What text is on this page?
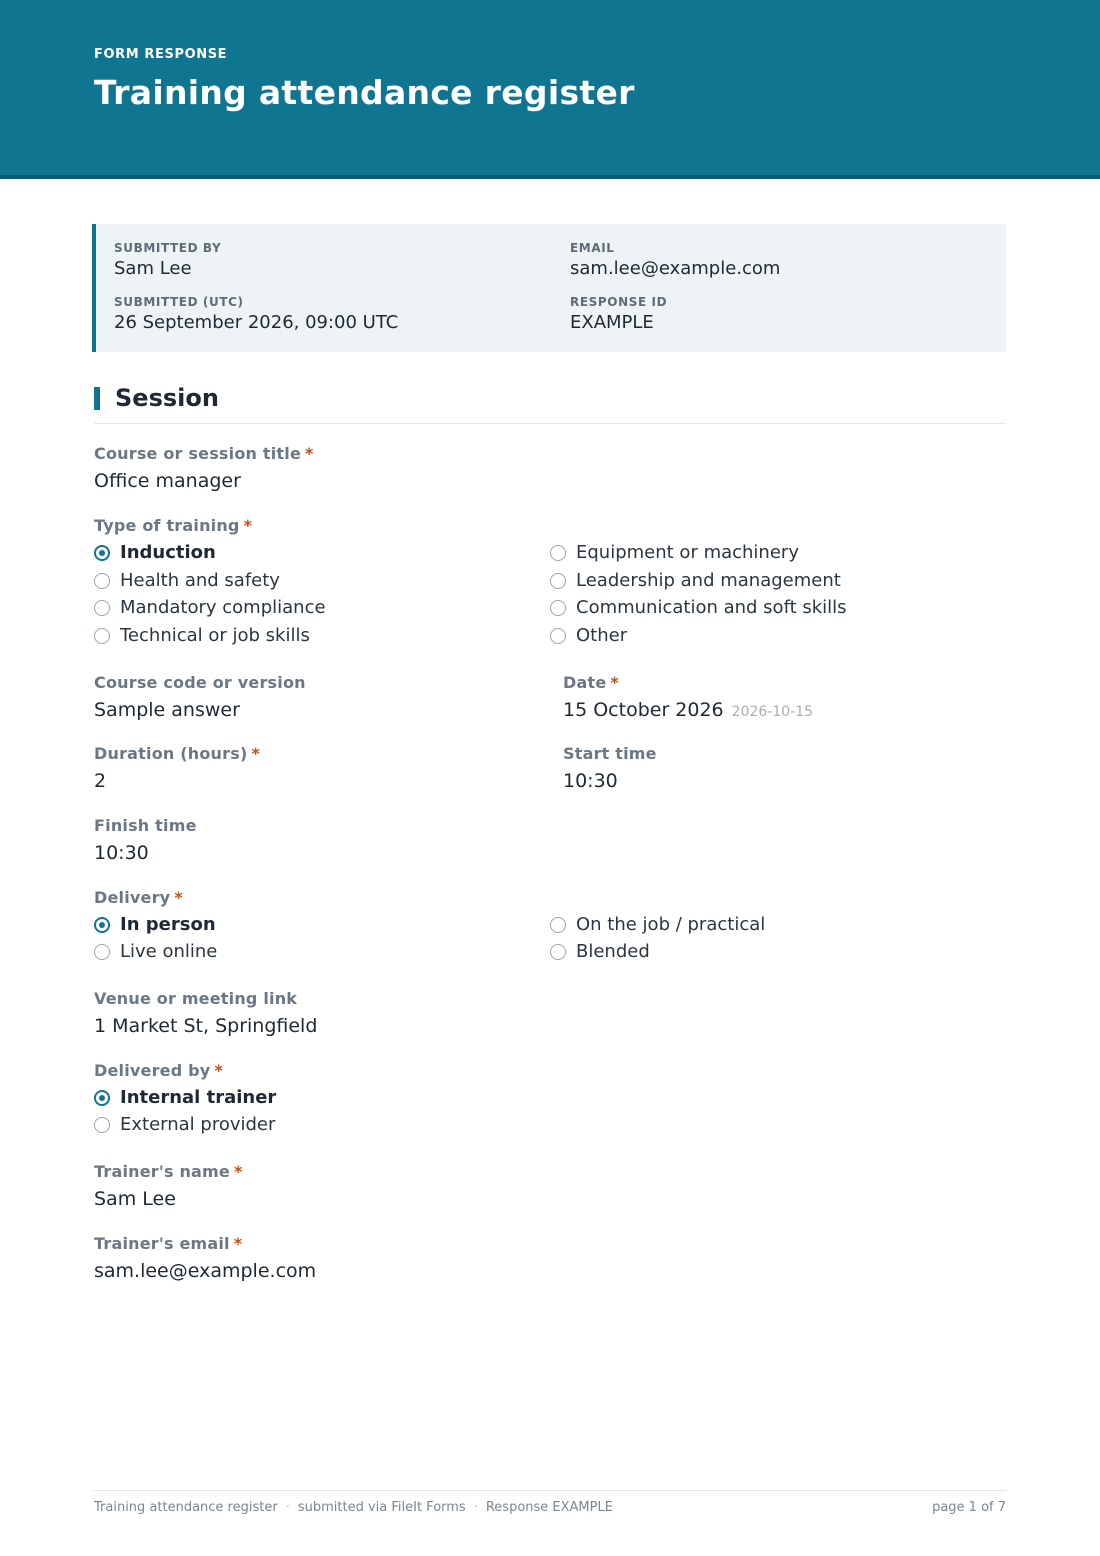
FORM RESPONSE
Training attendance register
SUBMITTED BY
Sam Lee
EMAIL
sam.lee@example.com
SUBMITTED (UTC)
26 September 2026, 09:00 UTC
RESPONSE ID
EXAMPLE
Session
Course or session title *
Office manager
Type of training *
Induction
Health and safety
Mandatory compliance
Technical or job skills
Equipment or machinery
Leadership and management
Communication and soft skills
Other
Course code or version
Sample answer
Date *
15 October 2026 2026-10-15
Duration (hours) *
2
Start time
10:30
Finish time
10:30
Delivery *
In person
Live online
On the job / practical
Blended
Venue or meeting link
1 Market St, Springfield
Delivered by *
Internal trainer
External provider
Trainer's name *
Sam Lee
Trainer's email *
sam.lee@example.com
Training attendance register · submitted via FileIt Forms · Response EXAMPLE	page 1 of 7
